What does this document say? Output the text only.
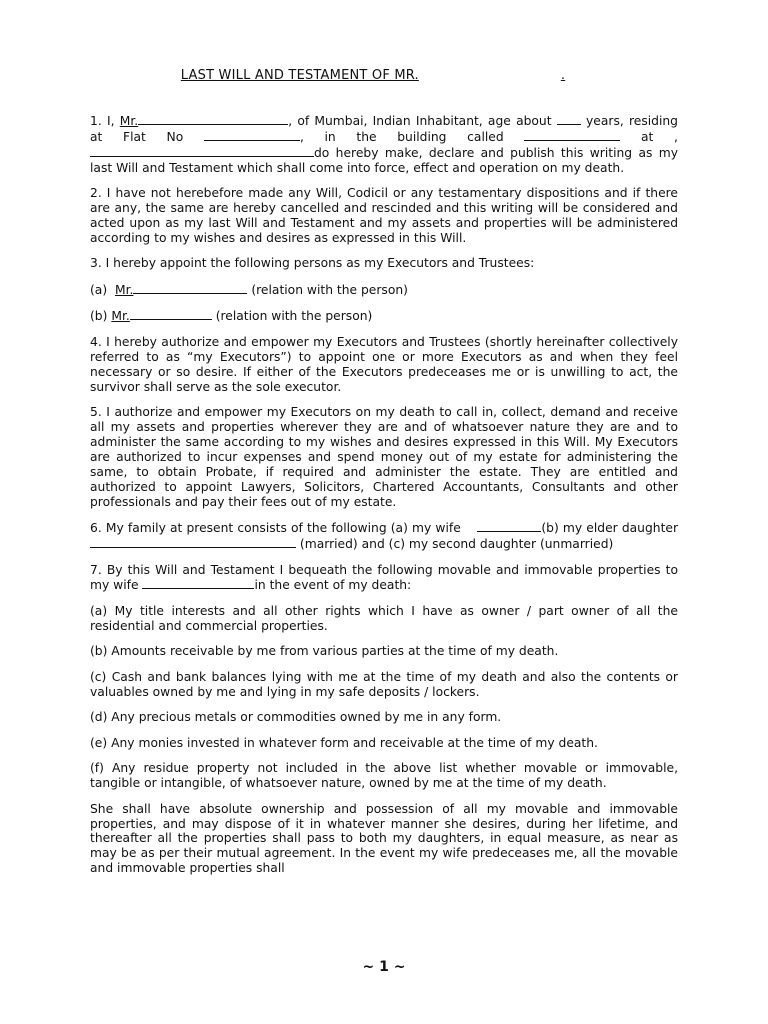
LAST WILL AND TESTAMENT OF MR.	.
1. I, Mr.	, of Mumbai, Indian Inhabitant, age about	years, residing at Flat No	, in the building called	at ,do hereby make, declare and publish this writing as my last Will and Testament which shall come into force, effect and operation on my death.
2. I have not herebefore made any Will, Codicil or any testamentary dispositions and if there are any, the same are hereby cancelled and rescinded and this writing will be considered and acted upon as my last Will and Testament and my assets and properties will be administered according to my wishes and desires as expressed in this Will.
3. I hereby appoint the following persons as my Executors and Trustees:
(a) Mr.	(relation with the person)
(b) Mr.	(relation with the person)
4. I hereby authorize and empower my Executors and Trustees (shortly hereinafter collectively referred to as “my Executors”) to appoint one or more Executors as and when they feel necessary or so desire. If either of the Executors predeceases me or is unwilling to act, the survivor shall serve as the sole executor.
5. I authorize and empower my Executors on my death to call in, collect, demand and receive all my assets and properties wherever they are and of whatsoever nature they are and to administer the same according to my wishes and desires expressed in this Will. My Executors are authorized to incur expenses and spend money out of my estate for administering the same, to obtain Probate, if required and administer the estate. They are entitled and authorized to appoint Lawyers, Solicitors, Chartered Accountants, Consultants and other professionals and pay their fees out of my estate.
6. My family at present consists of the following (a) my wife	(b) my elder daughter  (married) and (c) my second daughter (unmarried)
7. By this Will and Testament I bequeath the following movable and immovable properties to my wife	in the event of my death:
(a) My title interests and all other rights which I have as owner / part owner of all the residential and commercial properties.
(b) Amounts receivable by me from various parties at the time of my death.
(c) Cash and bank balances lying with me at the time of my death and also the contents or valuables owned by me and lying in my safe deposits / lockers.
(d) Any precious metals or commodities owned by me in any form.
(e) Any monies invested in whatever form and receivable at the time of my death.
(f) Any residue property not included in the above list whether movable or immovable, tangible or intangible, of whatsoever nature, owned by me at the time of my death.
She shall have absolute ownership and possession of all my movable and immovable properties, and may dispose of it in whatever manner she desires, during her lifetime, and thereafter all the properties shall pass to both my daughters, in equal measure, as near as may be as per their mutual agreement. In the event my wife predeceases me, all the movable and immovable properties shall
~ 1 ~
